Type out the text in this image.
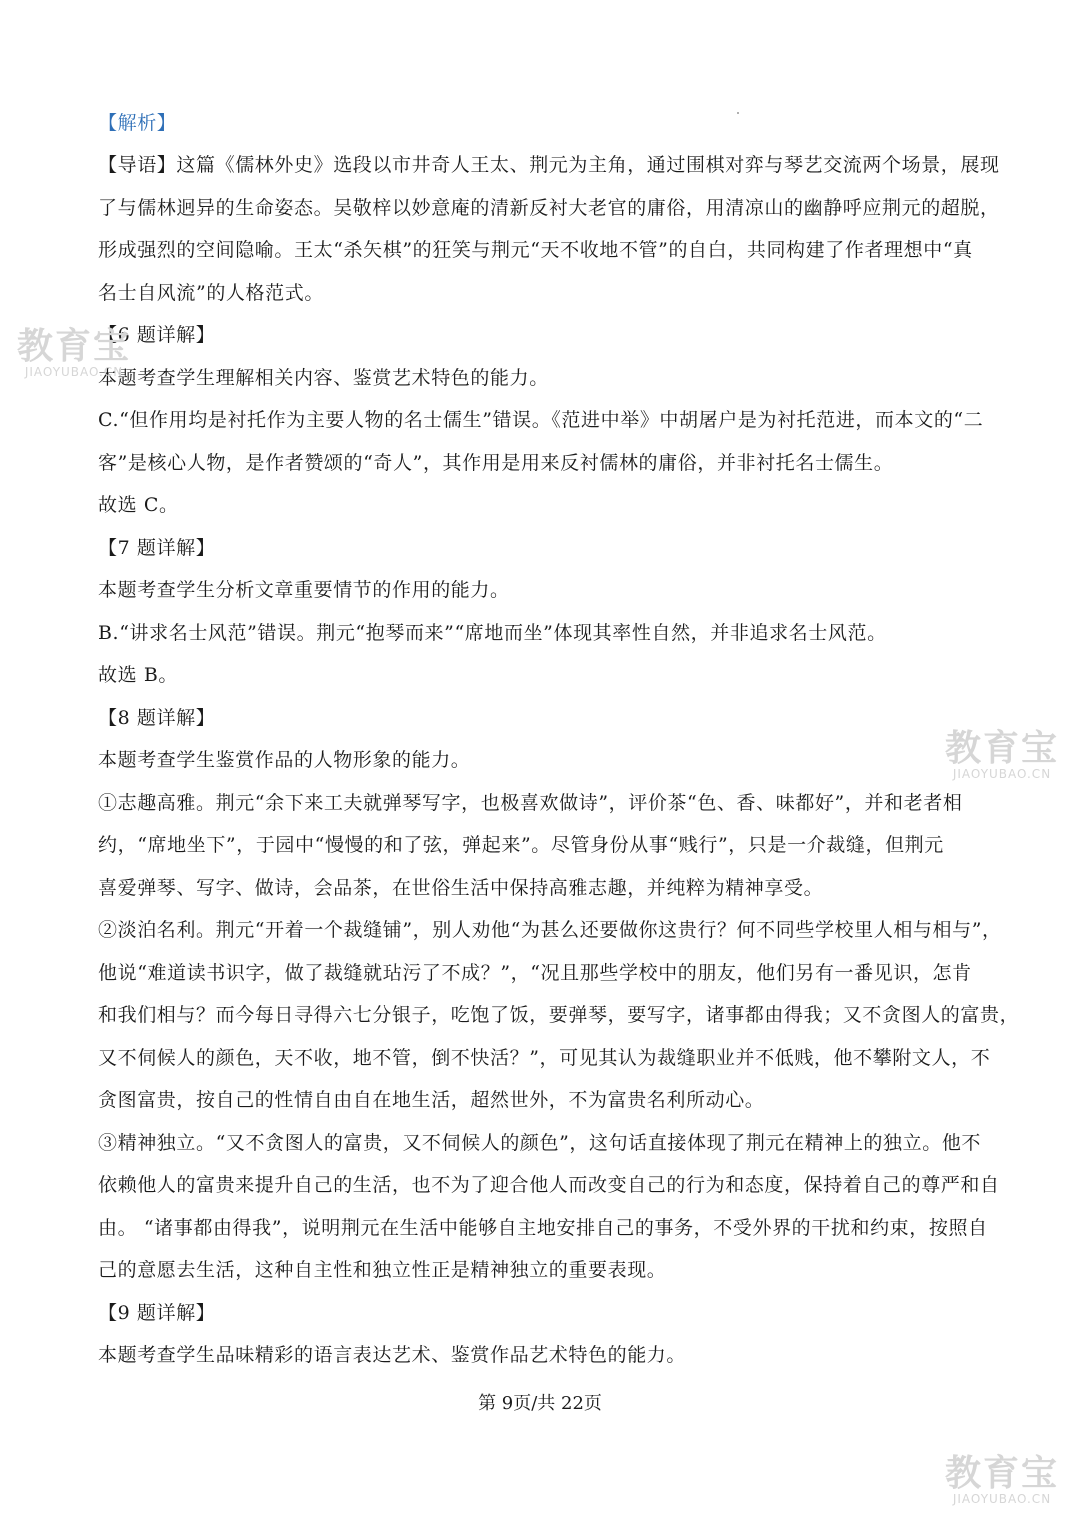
【解析】
【导语】这篇《儒林外史》选段以市井奇人王太、荆元为主角，通过围棋对弈与琴艺交流两个场景，展现
了与儒林迥异的生命姿态。吴敬梓以妙意庵的清新反衬大老官的庸俗，用清凉山的幽静呼应荆元的超脱，
形成强烈的空间隐喻。王太“杀矢棋”的狂笑与荆元“天不收地不管”的自白，共同构建了作者理想中“真
名士自风流”的人格范式。
【6 题详解】
本题考查学生理解相关内容、鉴赏艺术特色的能力。
C.“但作用均是衬托作为主要人物的名士儒生”错误。《范进中举》中胡屠户是为衬托范进，而本文的“二
客”是核心人物，是作者赞颂的“奇人”，其作用是用来反衬儒林的庸俗，并非衬托名士儒生。
故选 C。
【7 题详解】
本题考查学生分析文章重要情节的作用的能力。
B.“讲求名士风范”错误。荆元“抱琴而来”“席地而坐”体现其率性自然，并非追求名士风范。
故选 B。
【8 题详解】
本题考查学生鉴赏作品的人物形象的能力。
①志趣高雅。荆元“余下来工夫就弹琴写字，也极喜欢做诗”，评价茶“色、香、味都好”，并和老者相
约，“席地坐下”，于园中“慢慢的和了弦，弹起来”。尽管身份从事“贱行”，只是一介裁缝，但荆元
喜爱弹琴、写字、做诗，会品茶，在世俗生活中保持高雅志趣，并纯粹为精神享受。
②淡泊名利。荆元“开着一个裁缝铺”，别人劝他“为甚么还要做你这贵行？何不同些学校里人相与相与”，
他说“难道读书识字，做了裁缝就玷污了不成？”，“况且那些学校中的朋友，他们另有一番见识，怎肯
和我们相与？而今每日寻得六七分银子，吃饱了饭，要弹琴，要写字，诸事都由得我；又不贪图人的富贵，
又不伺候人的颜色，天不收，地不管，倒不快活？”，可见其认为裁缝职业并不低贱，他不攀附文人，不
贪图富贵，按自己的性情自由自在地生活，超然世外，不为富贵名利所动心。
③精神独立。“又不贪图人的富贵，又不伺候人的颜色”，这句话直接体现了荆元在精神上的独立。他不
依赖他人的富贵来提升自己的生活，也不为了迎合他人而改变自己的行为和态度，保持着自己的尊严和自
由。 “诸事都由得我”，说明荆元在生活中能够自主地安排自己的事务，不受外界的干扰和约束，按照自
己的意愿去生活，这种自主性和独立性正是精神独立的重要表现。
【9 题详解】
本题考查学生品味精彩的语言表达艺术、鉴赏作品艺术特色的能力。
第 9页/共 22页
教育宝
JIAOYUBAO.CN
教育宝
JIAOYUBAO.CN
教育宝
JIAOYUBAO.CN
